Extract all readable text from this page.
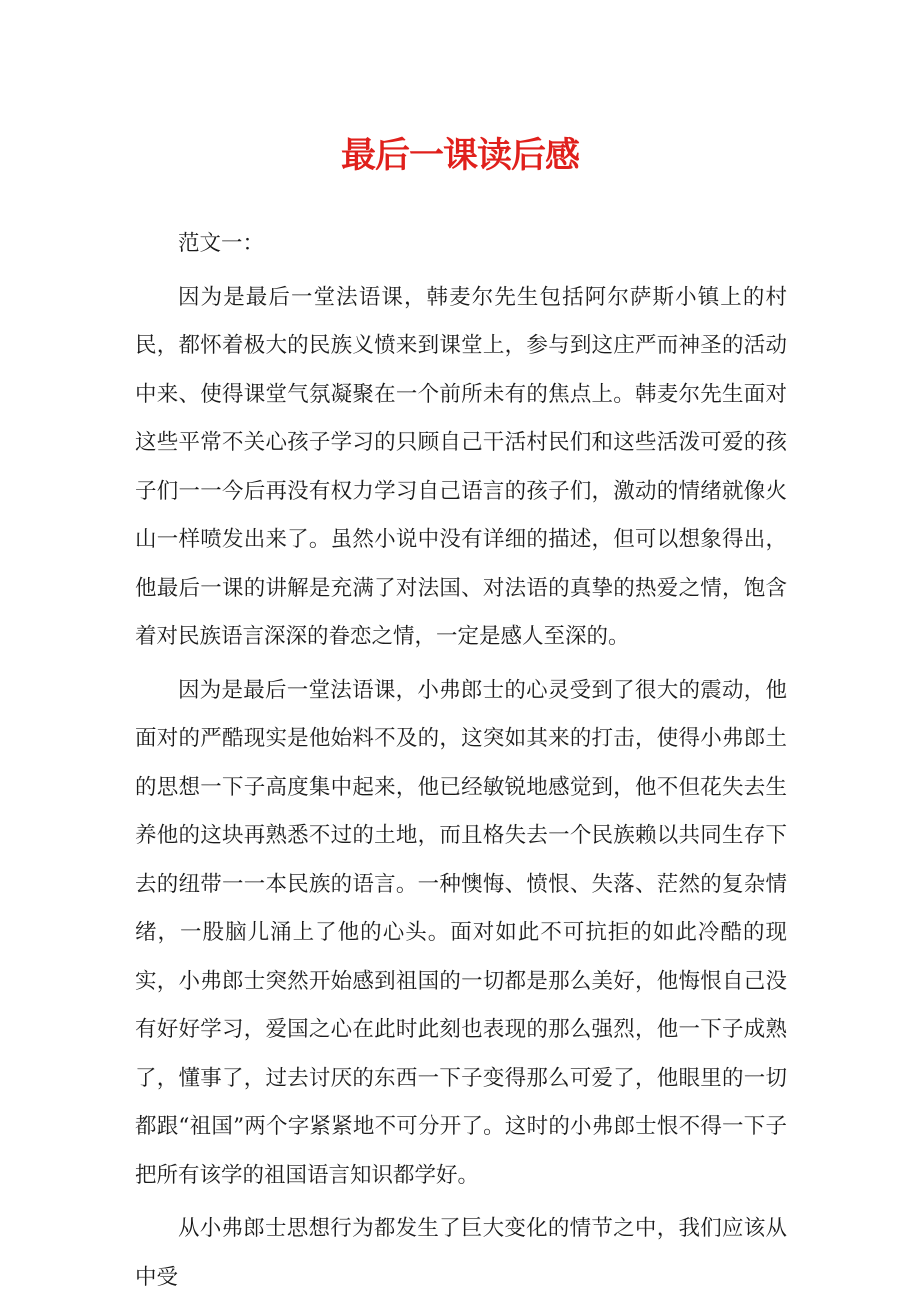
最后一课读后感

范文一：

因为是最后一堂法语课，韩麦尔先生包括阿尔萨斯小镇上的村民，都怀着极大的民族义愤来到课堂上，参与到这庄严而神圣的活动中来、使得课堂气氛凝聚在一个前所未有的焦点上。韩麦尔先生面对这些平常不关心孩子学习的只顾自己干活村民们和这些活泼可爱的孩子们一一今后再没有权力学习自己语言的孩子们，激动的情绪就像火山一样喷发出来了。虽然小说中没有详细的描述，但可以想象得出，他最后一课的讲解是充满了对法国、对法语的真挚的热爱之情，饱含着对民族语言深深的眷恋之情，一定是感人至深的。

因为是最后一堂法语课，小弗郎士的心灵受到了很大的震动，他面对的严酷现实是他始料不及的，这突如其来的打击，使得小弗郎土的思想一下子高度集中起来，他已经敏锐地感觉到，他不但花失去生养他的这块再熟悉不过的土地，而且格失去一个民族赖以共同生存下去的纽带一一本民族的语言。一种懊悔、愤恨、失落、茫然的复杂情绪，一股脑儿涌上了他的心头。面对如此不可抗拒的如此冷酷的现实，小弗郎士突然开始感到祖国的一切都是那么美好，他悔恨自己没有好好学习，爱国之心在此时此刻也表现的那么强烈，他一下子成熟了，懂事了，过去讨厌的东西一下子变得那么可爱了，他眼里的一切都跟“祖国”两个字紧紧地不可分开了。这时的小弗郎士恨不得一下子把所有该学的祖国语言知识都学好。

从小弗郎士思想行为都发生了巨大变化的情节之中，我们应该从中受
